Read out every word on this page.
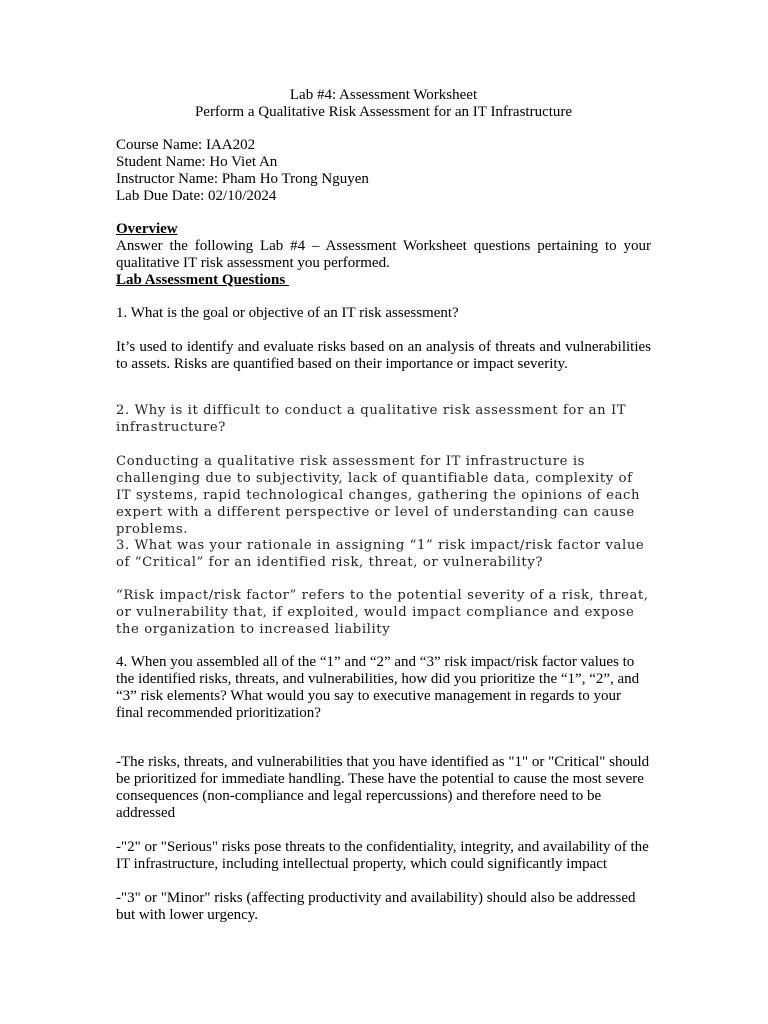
Lab #4: Assessment Worksheet
Perform a Qualitative Risk Assessment for an IT Infrastructure
Course Name: IAA202
Student Name: Ho Viet An
Instructor Name: Pham Ho Trong Nguyen
Lab Due Date: 02/10/2024
Overview
Answer the following Lab #4 – Assessment Worksheet questions pertaining to your qualitative IT risk assessment you performed.
Lab Assessment Questions
1. What is the goal or objective of an IT risk assessment?
It’s used to identify and evaluate risks based on an analysis of threats and vulnerabilities to assets. Risks are quantified based on their importance or impact severity.
2. Why is it difficult to conduct a qualitative risk assessment for an IT infrastructure?
Conducting a qualitative risk assessment for IT infrastructure is challenging due to subjectivity, lack of quantifiable data, complexity of IT systems, rapid technological changes, gathering the opinions of each expert with a different perspective or level of understanding can cause problems.
3. What was your rationale in assigning “1” risk impact/risk factor value of “Critical” for an identified risk, threat, or vulnerability?
“Risk impact/risk factor” refers to the potential severity of a risk, threat, or vulnerability that, if exploited, would impact compliance and expose the organization to increased liability
4. When you assembled all of the “1” and “2” and “3” risk impact/risk factor values to the identified risks, threats, and vulnerabilities, how did you prioritize the “1”, “2”, and “3” risk elements? What would you say to executive management in regards to your final recommended prioritization?
-The risks, threats, and vulnerabilities that you have identified as "1" or "Critical" should be prioritized for immediate handling. These have the potential to cause the most severe consequences (non-compliance and legal repercussions) and therefore need to be addressed
-"2" or "Serious" risks pose threats to the confidentiality, integrity, and availability of the IT infrastructure, including intellectual property, which could significantly impact
-"3" or "Minor" risks (affecting productivity and availability) should also be addressed but with lower urgency.
